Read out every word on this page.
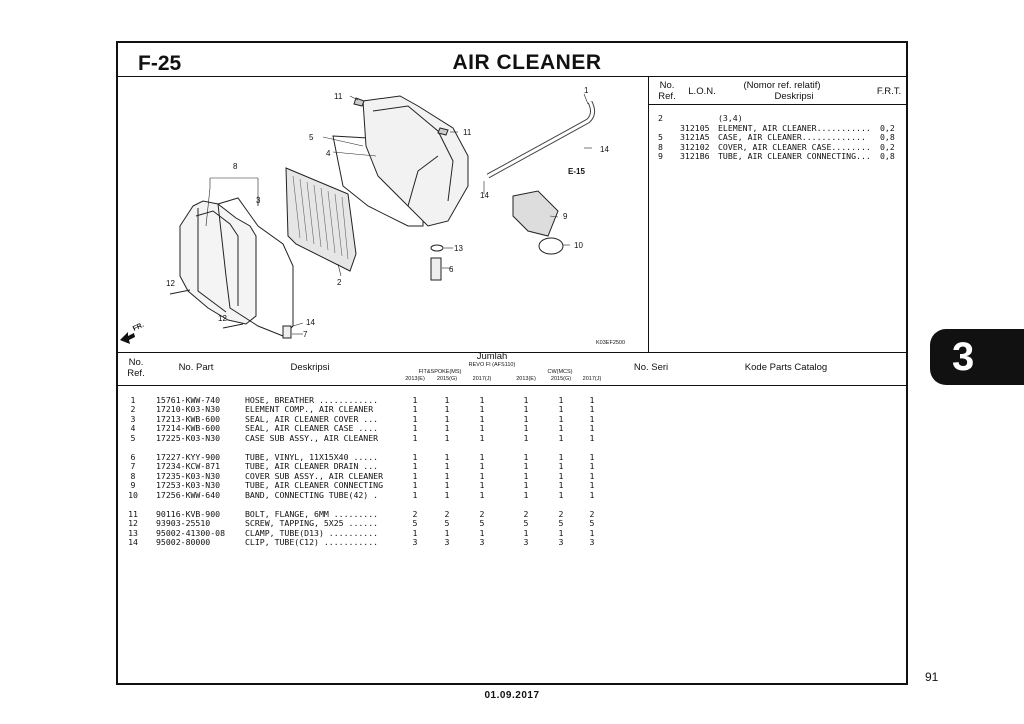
F-25	AIR CLEANER
1
2
3
4
5
6
7
8
9
10
11
11
12
12
13
14
14
14
E-15
K03EF2500
FR.
No.
Ref.	L.O.N.
(Nomor ref. relatif)
Deskripsi	F.R.T.
2	(3,4)
312105 ELEMENT, AIR CLEANER........... 0,2
5 3121A5 CASE, AIR CLEANER............. 0,8
8 312102 COVER, AIR CLEANER CASE........ 0,2
9 3121B6 TUBE, AIR CLEANER CONNECTING... 0,8
No.
Ref.
No. Part	Deskripsi
Jumlah
REVO FI (AFS110)
FIT&SPOKE(MS)	CW(MCS)
2013(E)	2015(G)	2017(J)	2013(E)	2015(G)	2017(J)
No. Seri	Kode Parts Catalog
1	15761-KWW-740	HOSE, BREATHER ............	1	1	1	1	1	1
2	17210-K03-N30	ELEMENT COMP., AIR CLEANER	1	1	1	1	1	1
3	17213-KWB-600	SEAL, AIR CLEANER COVER ...	1	1	1	1	1	1
4	17214-KWB-600	SEAL, AIR CLEANER CASE ....	1	1	1	1	1	1
5	17225-K03-N30	CASE SUB ASSY., AIR CLEANER	1	1	1	1	1	1
6	17227-KYY-900	TUBE, VINYL, 11X15X40 .....	1	1	1	1	1	1
7	17234-KCW-871	TUBE, AIR CLEANER DRAIN ...	1	1	1	1	1	1
8	17235-K03-N30	COVER SUB ASSY., AIR CLEANER	1	1	1	1	1	1
9	17253-K03-N30	TUBE, AIR CLEANER CONNECTING	1	1	1	1	1	1
10 17256-KWW-640	BAND, CONNECTING TUBE(42) .	1	1	1	1	1	1
11 90116-KVB-900	BOLT, FLANGE, 6MM .........	2	2	2	2	2	2
12 93903-25510	SCREW, TAPPING, 5X25 ......	5	5	5	5	5	5
13 95002-41300-08 CLAMP, TUBE(D13) ..........	1	1	1	1	1	1
14 95002-80000	CLIP, TUBE(C12) ...........	3	3	3	3	3	3
3
91
01.09.2017
